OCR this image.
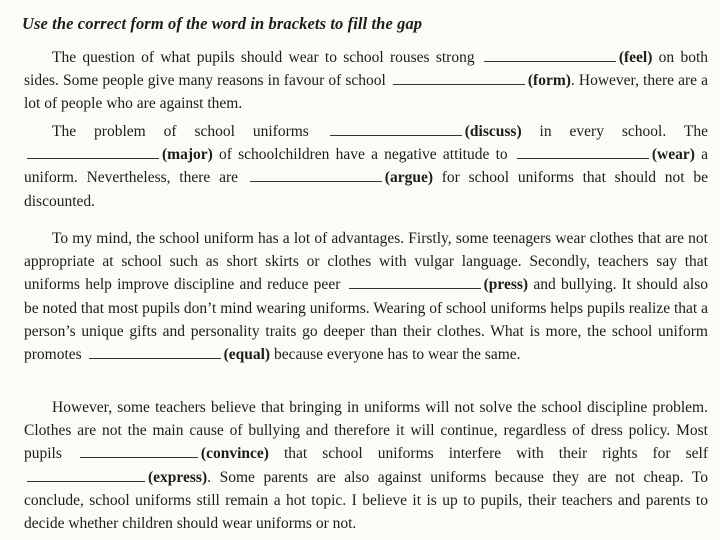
Use the correct form of the word in brackets to fill the gap
The question of what pupils should wear to school rouses strong	(feel) on both sides. Some people give many reasons in favour of school	(form). However, there are a lot of people who are against them.
The problem of school uniforms	(discuss) in every school. The (major) of schoolchildren have a negative attitude to	(wear) a uniform. Nevertheless, there are	(argue) for school uniforms that should not be discounted.
To my mind, the school uniform has a lot of advantages. Firstly, some teenagers wear clothes that are not appropriate at school such as short skirts or clothes with vulgar language. Secondly, teachers say that uniforms help improve discipline and reduce peer	(press) and bullying. It should also be noted that most pupils don’t mind wearing uniforms. Wearing of school uniforms helps pupils realize that a person’s unique gifts and personality traits go deeper than their clothes. What is more, the school uniform promotes	(equal) because everyone has to wear the same.
However, some teachers believe that bringing in uniforms will not solve the school discipline problem. Clothes are not the main cause of bullying and therefore it will continue, regardless of dress policy. Most pupils	(convince) that school uniforms interfere with their rights for self(express). Some parents are also against uniforms because they are not cheap. To conclude, school uniforms still remain a hot topic. I believe it is up to pupils, their teachers and parents to decide whether children should wear uniforms or not.
